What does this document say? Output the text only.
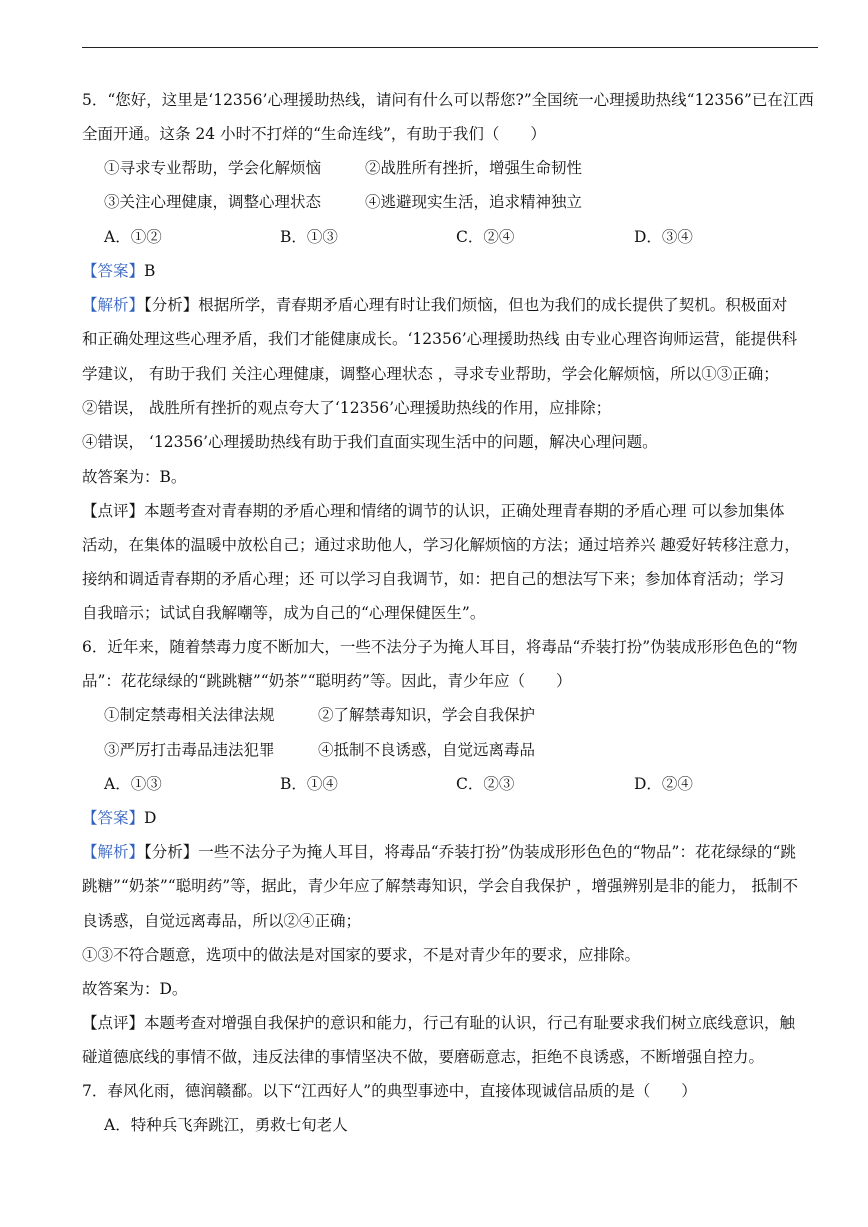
5．“您好，这里是‘12356’心理援助热线，请问有什么可以帮您?”全国统一心理援助热线“12356”已在江西
全面开通。这条 24 小时不打烊的“生命连线”，有助于我们（　　）
①寻求专业帮助，学会化解烦恼	②战胜所有挫折，增强生命韧性
③关注心理健康，调整心理状态	④逃避现实生活，追求精神独立
A．①②	B．①③	C．②④	D．③④
【答案】B
【解析】【分析】根据所学，青春期矛盾心理有时让我们烦恼，但也为我们的成长提供了契机。积极面对
和正确处理这些心理矛盾，我们才能健康成长。‘12356’心理援助热线 由专业心理咨询师运营，能提供科
学建议， 有助于我们 关注心理健康，调整心理状态 ，寻求专业帮助，学会化解烦恼，所以①③正确；
②错误， 战胜所有挫折的观点夸大了‘12356’心理援助热线的作用，应排除；
④错误， ‘12356’心理援助热线有助于我们直面实现生活中的问题，解决心理问题。
故答案为：B。
【点评】本题考查对青春期的矛盾心理和情绪的调节的认识，正确处理青春期的矛盾心理 可以参加集体
活动，在集体的温暖中放松自己；通过求助他人，学习化解烦恼的方法；通过培养兴 趣爱好转移注意力，
接纳和调适青春期的矛盾心理；还 可以学习自我调节，如：把自己的想法写下来；参加体育活动；学习
自我暗示；试试自我解嘲等，成为自己的“心理保健医生”。
6．近年来，随着禁毒力度不断加大，一些不法分子为掩人耳目，将毒品“乔装打扮”伪装成形形色色的“物
品”：花花绿绿的“跳跳糖”“奶茶”“聪明药”等。因此，青少年应（　　）
①制定禁毒相关法律法规	②了解禁毒知识，学会自我保护
③严厉打击毒品违法犯罪	④抵制不良诱惑，自觉远离毒品
A．①③	B．①④	C．②③	D．②④
【答案】D
【解析】【分析】一些不法分子为掩人耳目，将毒品“乔装打扮”伪装成形形色色的“物品”：花花绿绿的“跳
跳糖”“奶茶”“聪明药”等，据此，青少年应了解禁毒知识，学会自我保护 ，增强辨别是非的能力， 抵制不
良诱惑，自觉远离毒品，所以②④正确；
①③不符合题意，选项中的做法是对国家的要求，不是对青少年的要求，应排除。
故答案为：D。
【点评】本题考查对增强自我保护的意识和能力，行己有耻的认识，行己有耻要求我们树立底线意识，触
碰道德底线的事情不做，违反法律的事情坚决不做，要磨砺意志，拒绝不良诱惑，不断增强自控力。
7．春风化雨，德润赣鄱。以下“江西好人”的典型事迹中，直接体现诚信品质的是（　　）
A．特种兵飞奔跳江，勇救七旬老人
